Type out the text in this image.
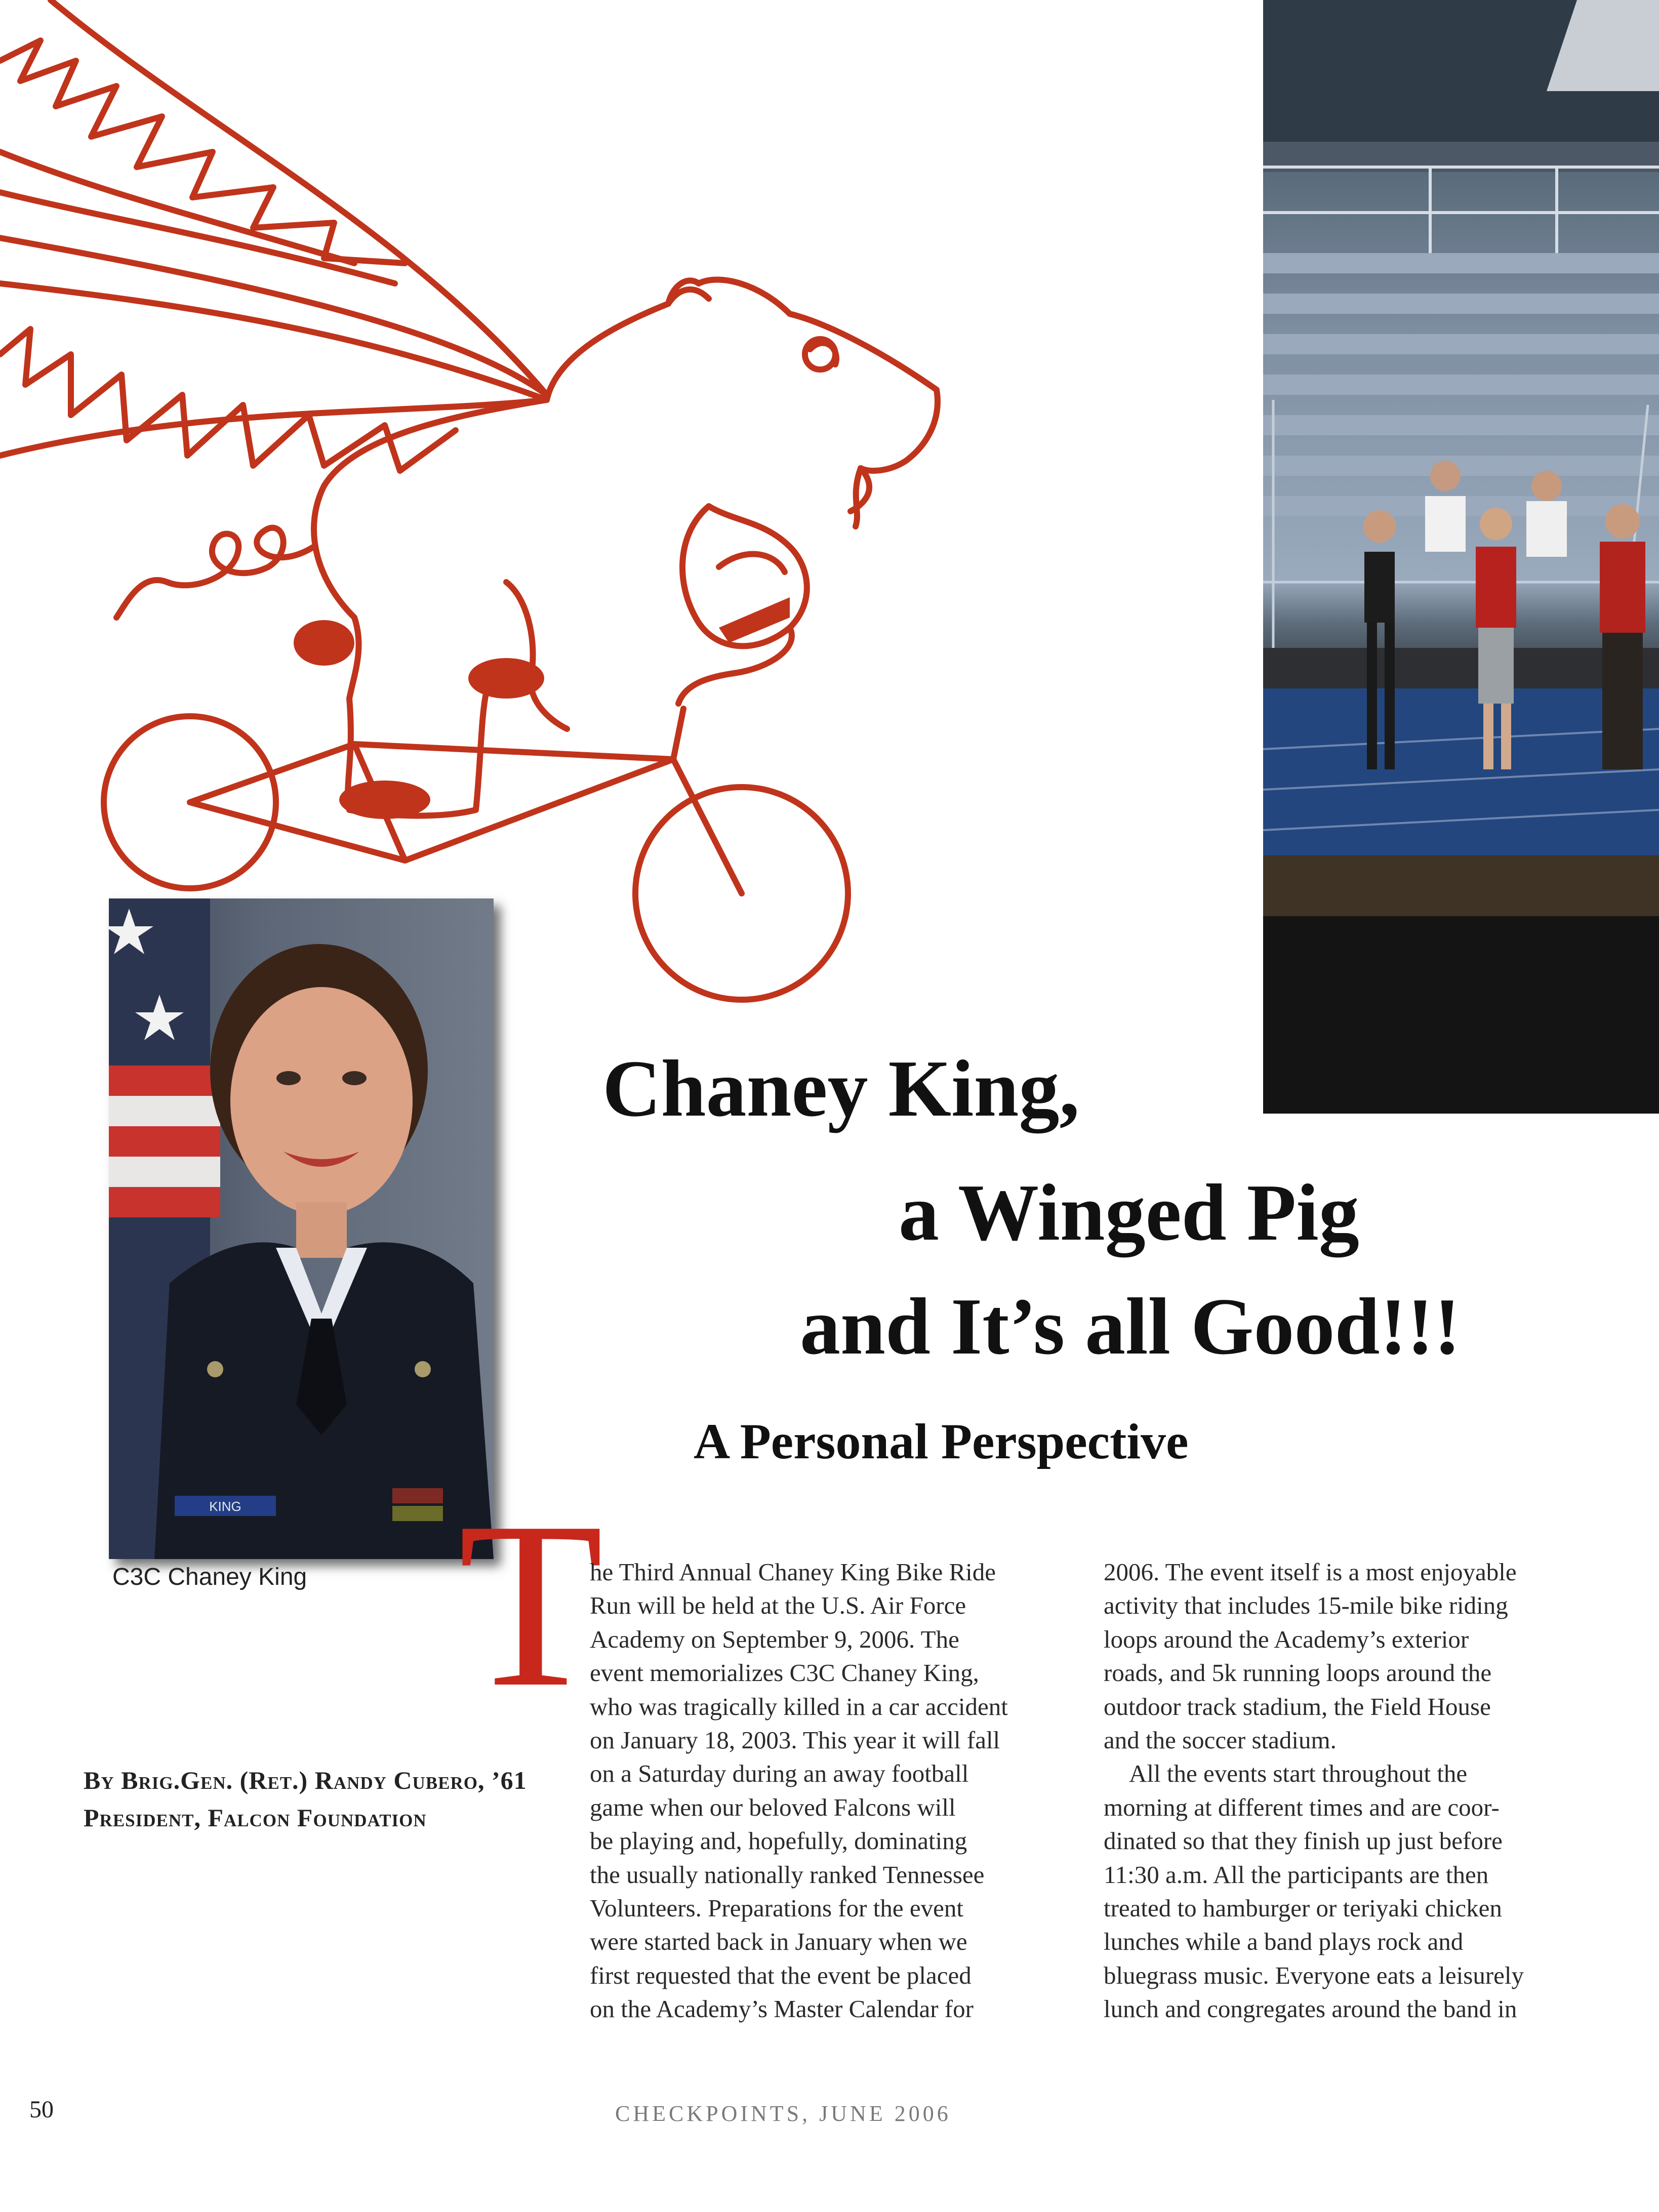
KING
C3C Chaney King
Chaney King,
a Winged Pig
and It’s all Good!!!
A Personal Perspective
By Brig.Gen. (Ret.) Randy Cubero, ’61
President, Falcon Foundation
T
he Third Annual Chaney King Bike Ride
Run will be held at the U.S. Air Force
Academy on September 9, 2006. The
event memorializes C3C Chaney King,
who was tragically killed in a car accident
on January 18, 2003. This year it will fall
on a Saturday during an away football
game when our beloved Falcons will
be playing and, hopefully, dominating
the usually nationally ranked Tennessee
Volunteers. Preparations for the event
were started back in January when we
first requested that the event be placed
on the Academy’s Master Calendar for
2006. The event itself is a most enjoyable
activity that includes 15-mile bike riding
loops around the Academy’s exterior
roads, and 5k running loops around the
outdoor track stadium, the Field House
and the soccer stadium.
All the events start throughout the
morning at different times and are coor-
dinated so that they finish up just before
11:30 a.m. All the participants are then
treated to hamburger or teriyaki chicken
lunches while a band plays rock and
bluegrass music. Everyone eats a leisurely
lunch and congregates around the band in
50	CHECKPOINTS, JUNE 2006
